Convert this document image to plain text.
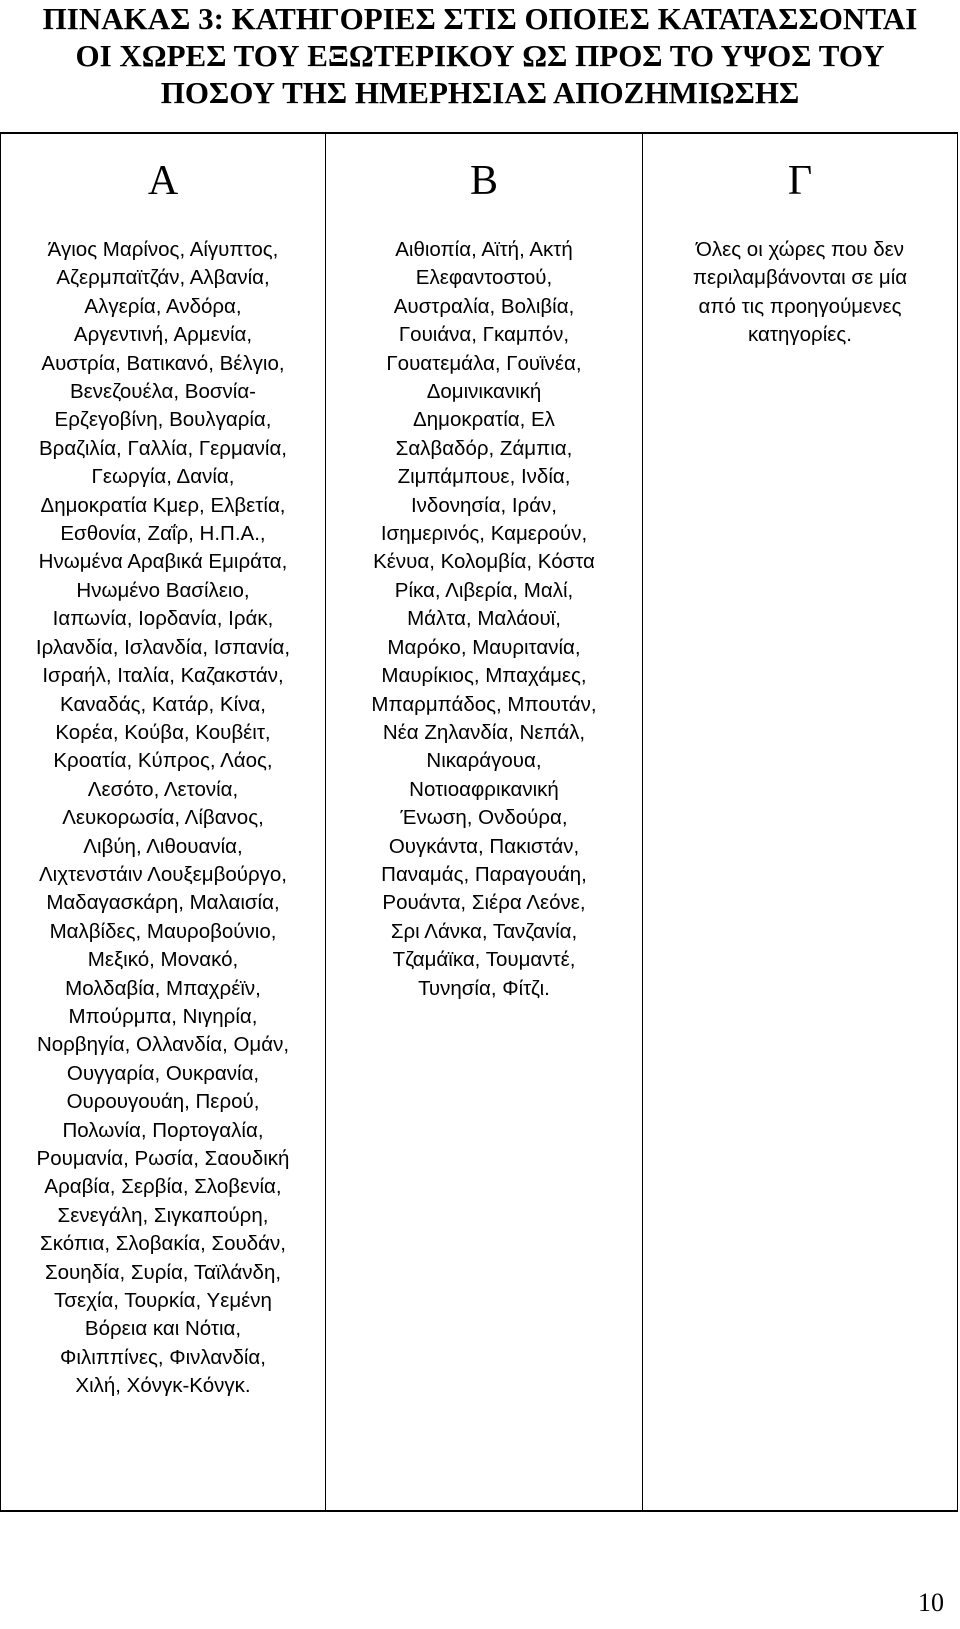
ΠΙΝΑΚΑΣ 3: ΚΑΤΗΓΟΡΙΕΣ ΣΤΙΣ ΟΠΟΙΕΣ ΚΑΤΑΤΑΣΣΟΝΤΑΙ
ΟΙ ΧΩΡΕΣ ΤΟΥ ΕΞΩΤΕΡΙΚΟΥ ΩΣ ΠΡΟΣ ΤΟ ΥΨΟΣ ΤΟΥ
ΠΟΣΟΥ ΤΗΣ ΗΜΕΡΗΣΙΑΣ ΑΠΟΖΗΜΙΩΣΗΣ
Α
Άγιος Μαρίνος, Αίγυπτος,
Αζερμπαϊτζάν, Αλβανία,
Αλγερία, Ανδόρα,
Αργεντινή, Αρμενία,
Αυστρία, Βατικανό, Βέλγιο,
Βενεζουέλα, Βοσνία-
Ερζεγοβίνη, Βουλγαρία,
Βραζιλία, Γαλλία, Γερμανία,
Γεωργία, Δανία,
Δημοκρατία Κμερ, Ελβετία,
Εσθονία, Ζαΐρ, Η.Π.Α.,
Ηνωμένα Αραβικά Εμιράτα,
Ηνωμένο Βασίλειο,
Ιαπωνία, Ιορδανία, Ιράκ,
Ιρλανδία, Ισλανδία, Ισπανία,
Ισραήλ, Ιταλία, Καζακστάν,
Καναδάς, Κατάρ, Κίνα,
Κορέα, Κούβα, Κουβέιτ,
Κροατία, Κύπρος, Λάος,
Λεσότο, Λετονία,
Λευκορωσία, Λίβανος,
Λιβύη, Λιθουανία,
Λιχτενστάιν Λουξεμβούργο,
Μαδαγασκάρη, Μαλαισία,
Μαλβίδες, Μαυροβούνιο,
Μεξικό, Μονακό,
Μολδαβία, Μπαχρέϊν,
Μπούρμπα, Νιγηρία,
Νορβηγία, Ολλανδία, Ομάν,
Ουγγαρία, Ουκρανία,
Ουρουγουάη, Περού,
Πολωνία, Πορτογαλία,
Ρουμανία, Ρωσία, Σαουδική
Αραβία, Σερβία, Σλοβενία,
Σενεγάλη, Σιγκαπούρη,
Σκόπια, Σλοβακία, Σουδάν,
Σουηδία, Συρία, Ταϊλάνδη,
Τσεχία, Τουρκία, Υεμένη
Βόρεια και Νότια,
Φιλιππίνες, Φινλανδία,
Χιλή, Χόνγκ-Κόνγκ.
Β
Αιθιοπία, Αϊτή, Ακτή
Ελεφαντοστού,
Αυστραλία, Βολιβία,
Γουιάνα, Γκαμπόν,
Γουατεμάλα, Γουϊνέα,
Δομινικανική
Δημοκρατία, Ελ
Σαλβαδόρ, Ζάμπια,
Ζιμπάμπουε, Ινδία,
Ινδονησία, Ιράν,
Ισημερινός, Καμερούν,
Κένυα, Κολομβία, Κόστα
Ρίκα, Λιβερία, Μαλί,
Μάλτα, Μαλάουϊ,
Μαρόκο, Μαυριτανία,
Μαυρίκιος, Μπαχάμες,
Μπαρμπάδος, Μπουτάν,
Νέα Ζηλανδία, Νεπάλ,
Νικαράγουα,
Νοτιοαφρικανική
Ένωση, Ονδούρα,
Ουγκάντα, Πακιστάν,
Παναμάς, Παραγουάη,
Ρουάντα, Σιέρα Λεόνε,
Σρι Λάνκα, Τανζανία,
Τζαμάϊκα, Τουμαντέ,
Τυνησία, Φίτζι.
Γ
Όλες οι χώρες που δεν
περιλαμβάνονται σε μία
από τις προηγούμενες
κατηγορίες.
10
